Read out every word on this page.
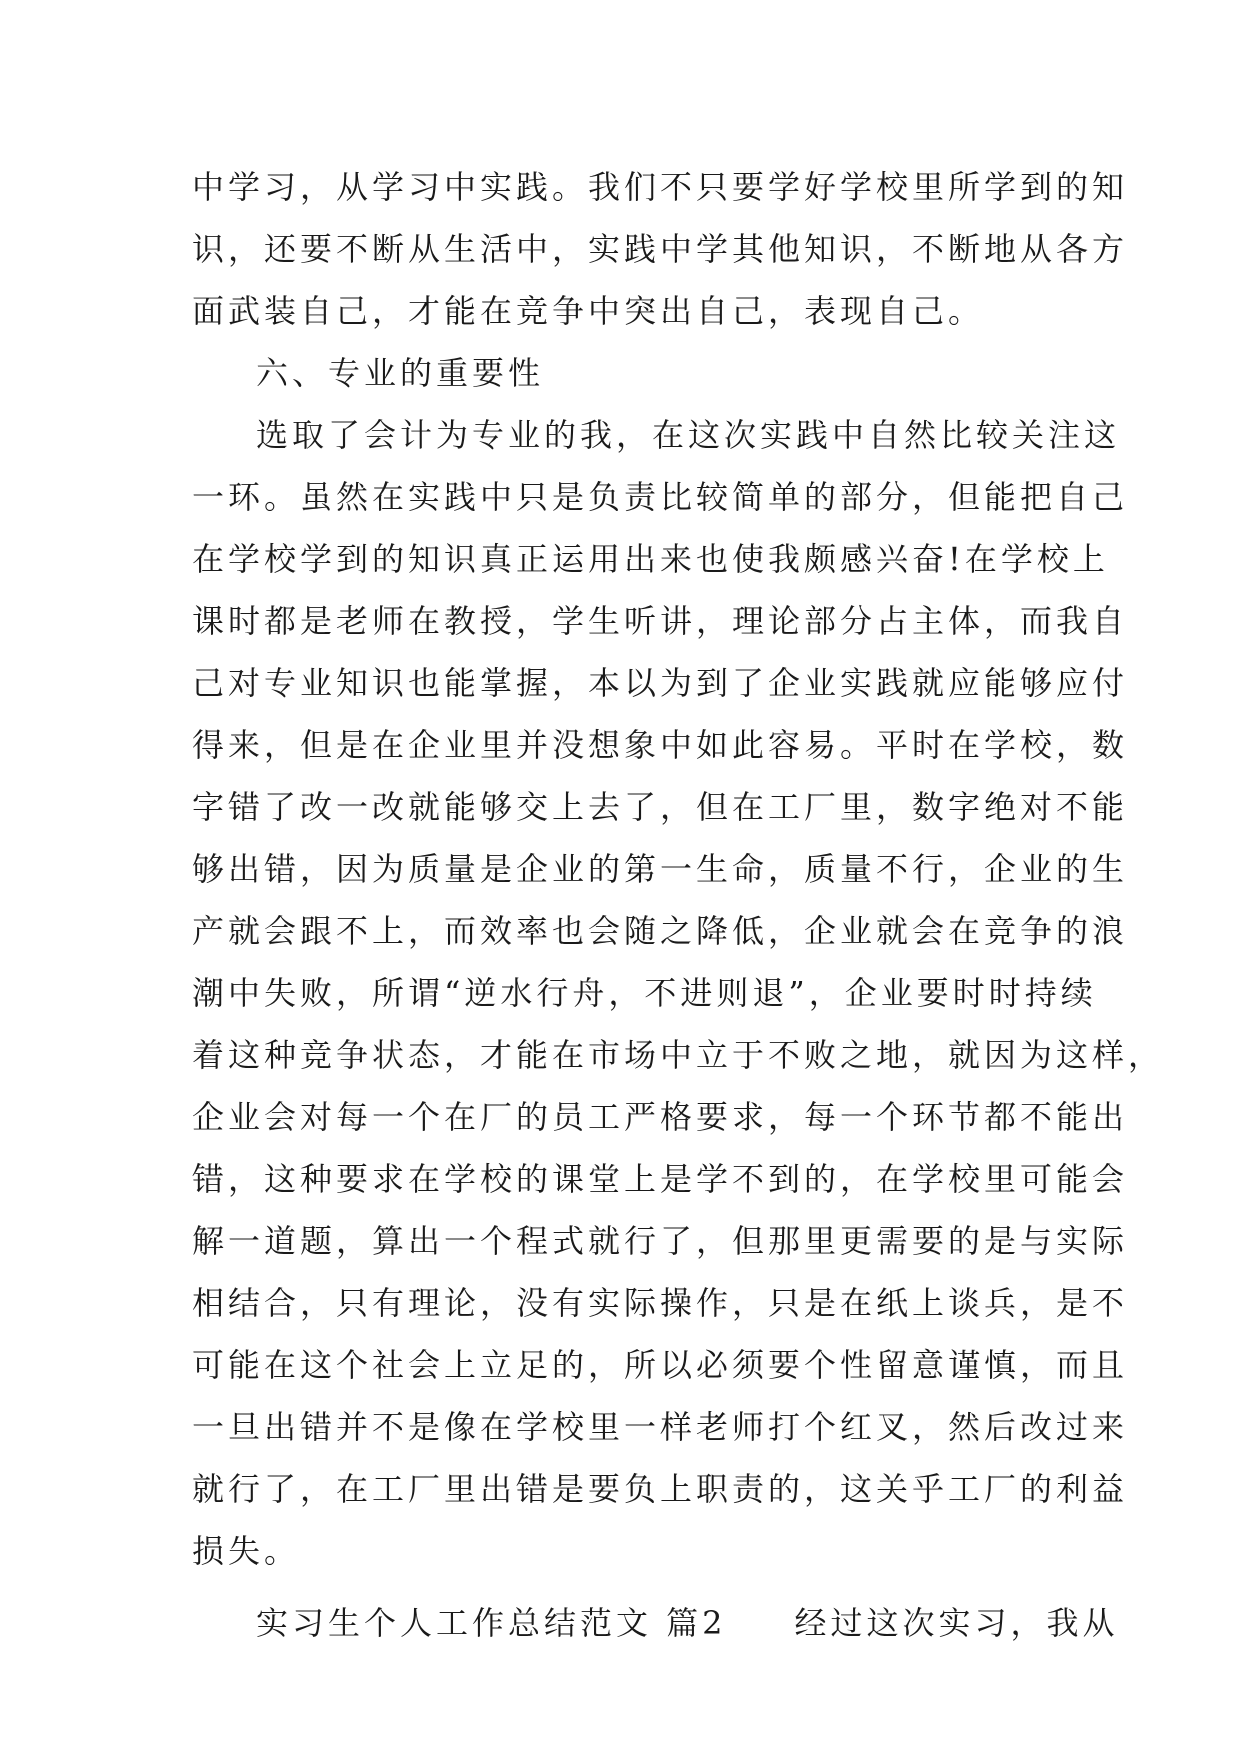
中学习，从学习中实践。我们不只要学好学校里所学到的知
识，还要不断从生活中，实践中学其他知识，不断地从各方
面武装自己，才能在竞争中突出自己，表现自己。
六、专业的重要性
选取了会计为专业的我，在这次实践中自然比较关注这
一环。虽然在实践中只是负责比较简单的部分，但能把自己
在学校学到的知识真正运用出来也使我颇感兴奋!在学校上
课时都是老师在教授，学生听讲，理论部分占主体，而我自
己对专业知识也能掌握，本以为到了企业实践就应能够应付
得来，但是在企业里并没想象中如此容易。平时在学校，数
字错了改一改就能够交上去了，但在工厂里，数字绝对不能
够出错，因为质量是企业的第一生命，质量不行，企业的生
产就会跟不上，而效率也会随之降低，企业就会在竞争的浪
潮中失败，所谓“逆水行舟，不进则退”，企业要时时持续
着这种竞争状态，才能在市场中立于不败之地，就因为这样，
企业会对每一个在厂的员工严格要求，每一个环节都不能出
错，这种要求在学校的课堂上是学不到的，在学校里可能会
解一道题，算出一个程式就行了，但那里更需要的是与实际
相结合，只有理论，没有实际操作，只是在纸上谈兵，是不
可能在这个社会上立足的，所以必须要个性留意谨慎，而且
一旦出错并不是像在学校里一样老师打个红叉，然后改过来
就行了，在工厂里出错是要负上职责的，这关乎工厂的利益
损失。
实习生个人工作总结范文 篇2 经过这次实习，我从
